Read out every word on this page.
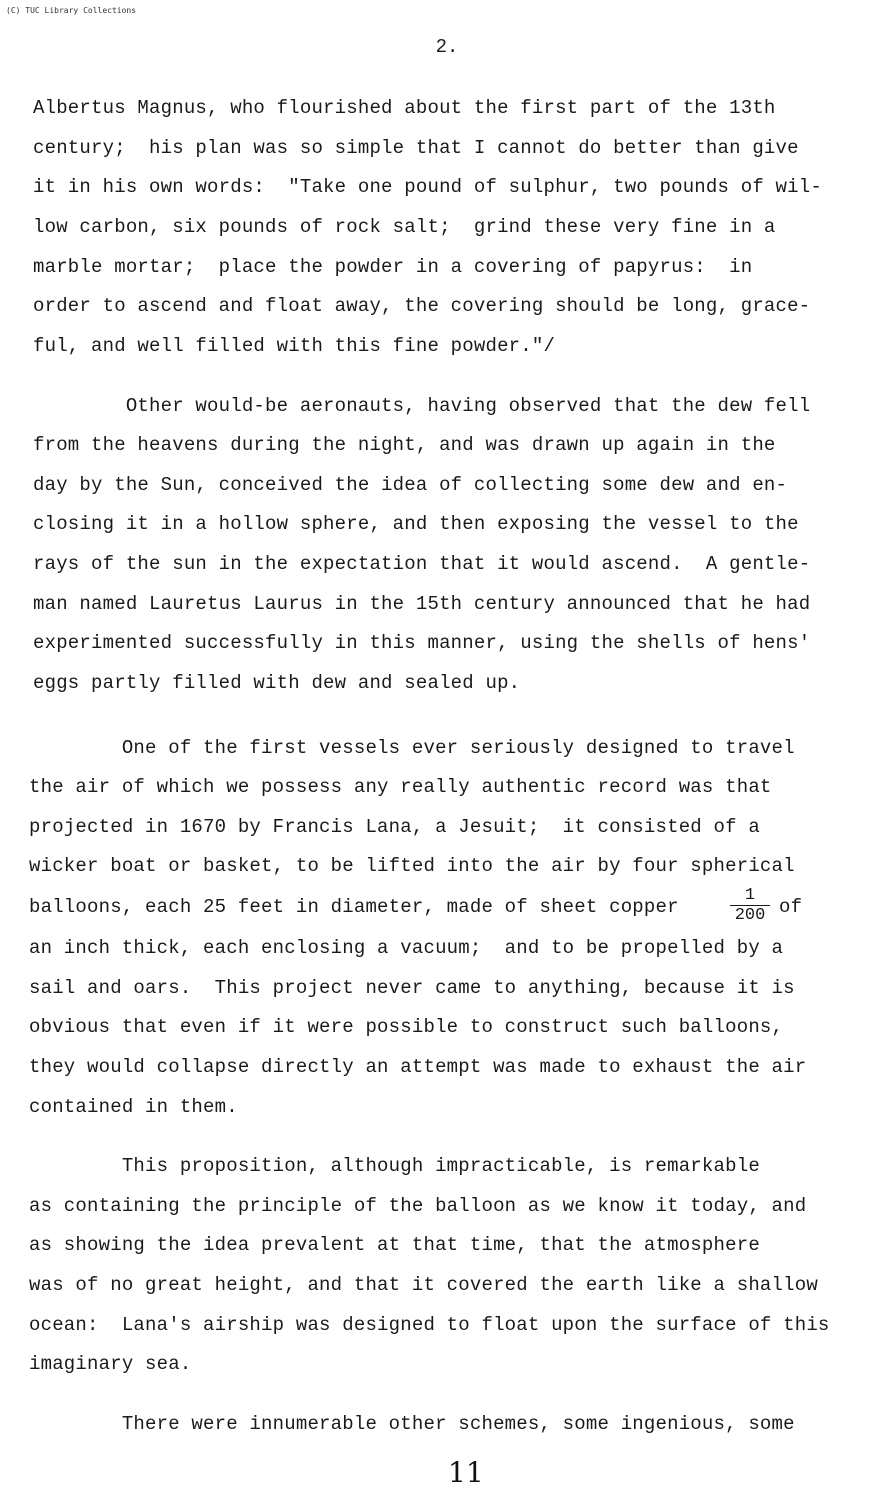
(C) TUC Library Collections
2.
Albertus Magnus, who flourished about the first part of the 13th
century;  his plan was so simple that I cannot do better than give
it in his own words:  "Take one pound of sulphur, two pounds of wil-
low carbon, six pounds of rock salt;  grind these very fine in a
marble mortar;  place the powder in a covering of papyrus:  in
order to ascend and float away, the covering should be long, grace-
ful, and well filled with this fine powder."/
Other would-be aeronauts, having observed that the dew fell
from the heavens during the night, and was drawn up again in the
day by the Sun, conceived the idea of collecting some dew and en-
closing it in a hollow sphere, and then exposing the vessel to the
rays of the sun in the expectation that it would ascend.  A gentle-
man named Lauretus Laurus in the 15th century announced that he had
experimented successfully in this manner, using the shells of hens'
eggs partly filled with dew and sealed up.
One of the first vessels ever seriously designed to travel
the air of which we possess any really authentic record was that
projected in 1670 by Francis Lana, a Jesuit;  it consisted of a
wicker boat or basket, to be lifted into the air by four spherical
balloons, each 25 feet in diameter, made of sheet copper	$\frac{1}{200}$ of
an inch thick, each enclosing a vacuum;  and to be propelled by a
sail and oars.  This project never came to anything, because it is
obvious that even if it were possible to construct such balloons,
they would collapse directly an attempt was made to exhaust the air
contained in them.
This proposition, although impracticable, is remarkable
as containing the principle of the balloon as we know it today, and
as showing the idea prevalent at that time, that the atmosphere
was of no great height, and that it covered the earth like a shallow
ocean:  Lana's airship was designed to float upon the surface of this
imaginary sea.
There were innumerable other schemes, some ingenious, some
11
